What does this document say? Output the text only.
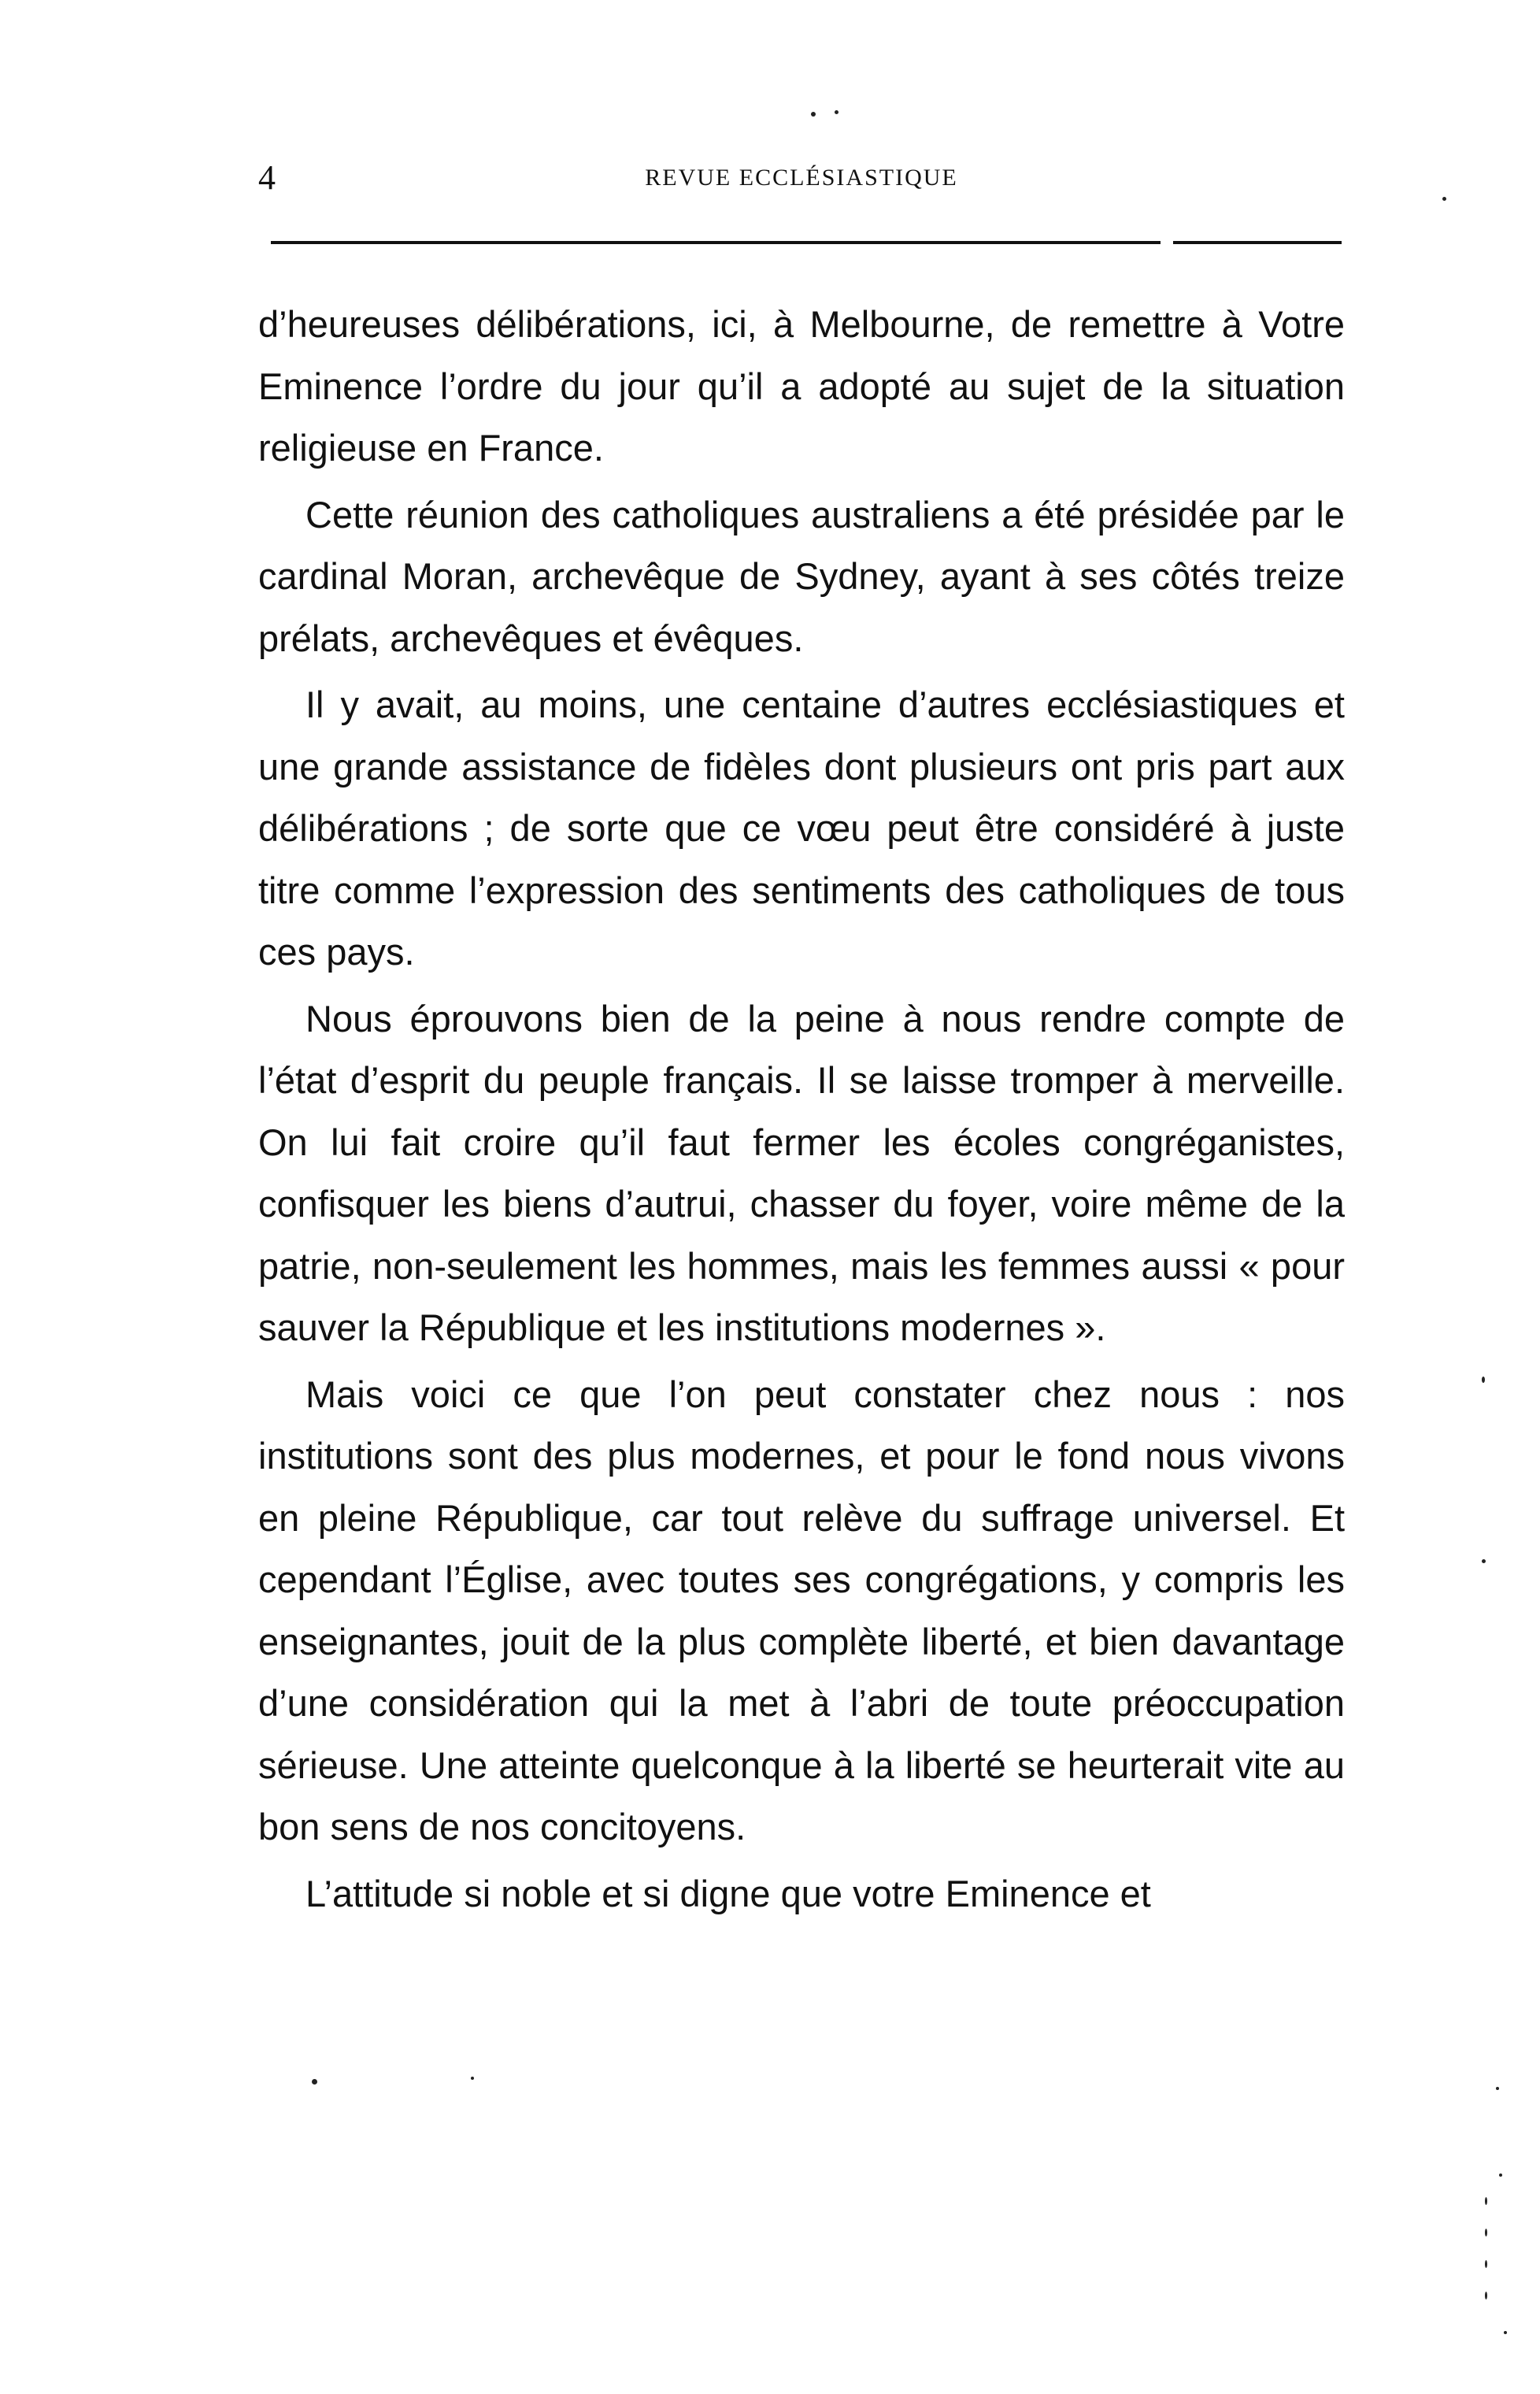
4	REVUE ECCLÉSIASTIQUE

d’heureuses délibérations, ici, à Melbourne, de remettre à Votre Eminence l’ordre du jour qu’il a adopté au sujet de la situation religieuse en France.

Cette réunion des catholiques australiens a été présidée par le cardinal Moran, archevêque de Sydney, ayant à ses côtés treize prélats, archevêques et évêques.

Il y avait, au moins, une centaine d’autres ecclésiastiques et une grande assistance de fidèles dont plusieurs ont pris part aux délibérations ; de sorte que ce vœu peut être considéré à juste titre comme l’expression des sentiments des catholiques de tous ces pays.

Nous éprouvons bien de la peine à nous rendre compte de l’état d’esprit du peuple français. Il se laisse tromper à merveille. On lui fait croire qu’il faut fermer les écoles congréganistes, confisquer les biens d’autrui, chasser du foyer, voire même de la patrie, non-seulement les hommes, mais les femmes aussi « pour sauver la République et les institutions modernes ».

Mais voici ce que l’on peut constater chez nous : nos institutions sont des plus modernes, et pour le fond nous vivons en pleine République, car tout relève du suffrage universel. Et cependant l’Église, avec toutes ses congrégations, y compris les enseignantes, jouit de la plus complète liberté, et bien davantage d’une considération qui la met à l’abri de toute préoccupation sérieuse. Une atteinte quelconque à la liberté se heurterait vite au bon sens de nos concitoyens.

L’attitude si noble et si digne que votre Eminence et
